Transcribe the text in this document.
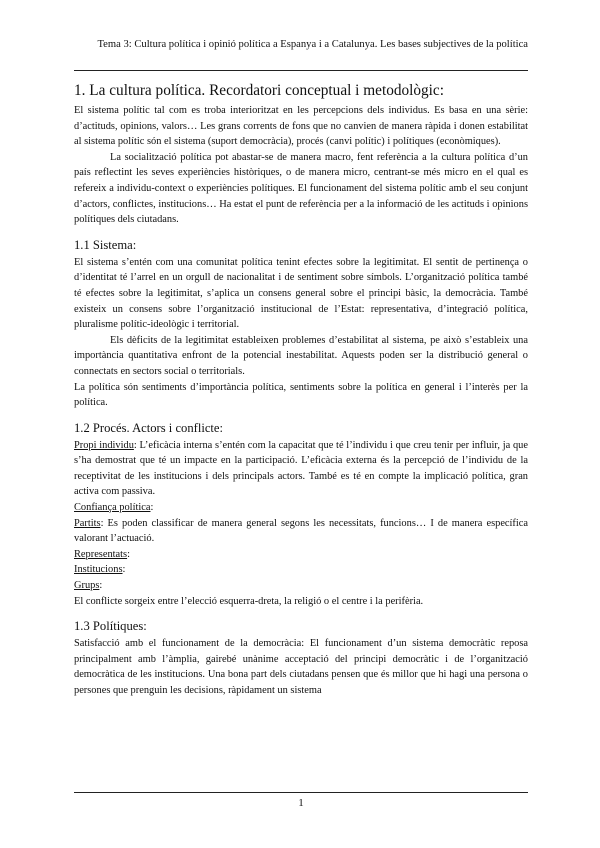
Tema 3: Cultura política i opinió política a Espanya i a Catalunya. Les bases subjectives de la política
1. La cultura política. Recordatori conceptual i metodològic:

El sistema polític tal com es troba interioritzat en les percepcions dels individus. Es basa en una sèrie: d’actituds, opinions, valors… Les grans corrents de fons que no canvien de manera ràpida i donen estabilitat al sistema polític són el sistema (suport democràcia), procés (canvi polític) i polítiques (econòmiques).

La socialització política pot abastar-se de manera macro, fent referència a la cultura política d’un país reflectint les seves experiències històriques, o de manera micro, centrant-se més micro en el qual es refereix a individu-context o experiències polítiques. El funcionament del sistema polític amb el seu conjunt d’actors, conflictes, institucions… Ha estat el punt de referència per a la informació de les actituds i opinions polítiques dels ciutadans.

1.1 Sistema:

El sistema s’entén com una comunitat política tenint efectes sobre la legitimitat. El sentit de pertinença o d’identitat té l’arrel en un orgull de nacionalitat i de sentiment sobre símbols. L’organització política també té efectes sobre la legitimitat, s’aplica un consens general sobre el principi bàsic, la democràcia. També existeix un consens sobre l’organització institucional de l’Estat: representativa, d’integració política, pluralisme polític-ideològic i territorial.

Els dèficits de la legitimitat estableixen problemes d’estabilitat al sistema, pe això s’estableix una importància quantitativa enfront de la potencial inestabilitat. Aquests poden ser la distribució general o connectats en sectors social o territorials.

La política són sentiments d’importància política, sentiments sobre la política en general i l’interès per la política.

1.2 Procés. Actors i conflicte:

Propi individu: L’eficàcia interna s’entén com la capacitat que té l’individu i que creu tenir per influir, ja que s’ha demostrat que té un impacte en la participació. L’eficàcia externa és la percepció de l’individu de la receptivitat de les institucions i dels principals actors. També es té en compte la implicació política, gran activa com passiva.

Confiança política:

Partits: Es poden classificar de manera general segons les necessitats, funcions… I de manera específica valorant l’actuació.

Representats:

Institucions:

Grups:

El conflicte sorgeix entre l’elecció esquerra-dreta, la religió o el centre i la perifèria.

1.3 Polítiques:

Satisfacció amb el funcionament de la democràcia: El funcionament d’un sistema democràtic reposa principalment amb l’àmplia, gairebé unànime acceptació del principi democràtic i de l’organització democràtica de les institucions. Una bona part dels ciutadans pensen que és millor que hi hagi una persona o persones que prenguin les decisions, ràpidament un sistema

1
